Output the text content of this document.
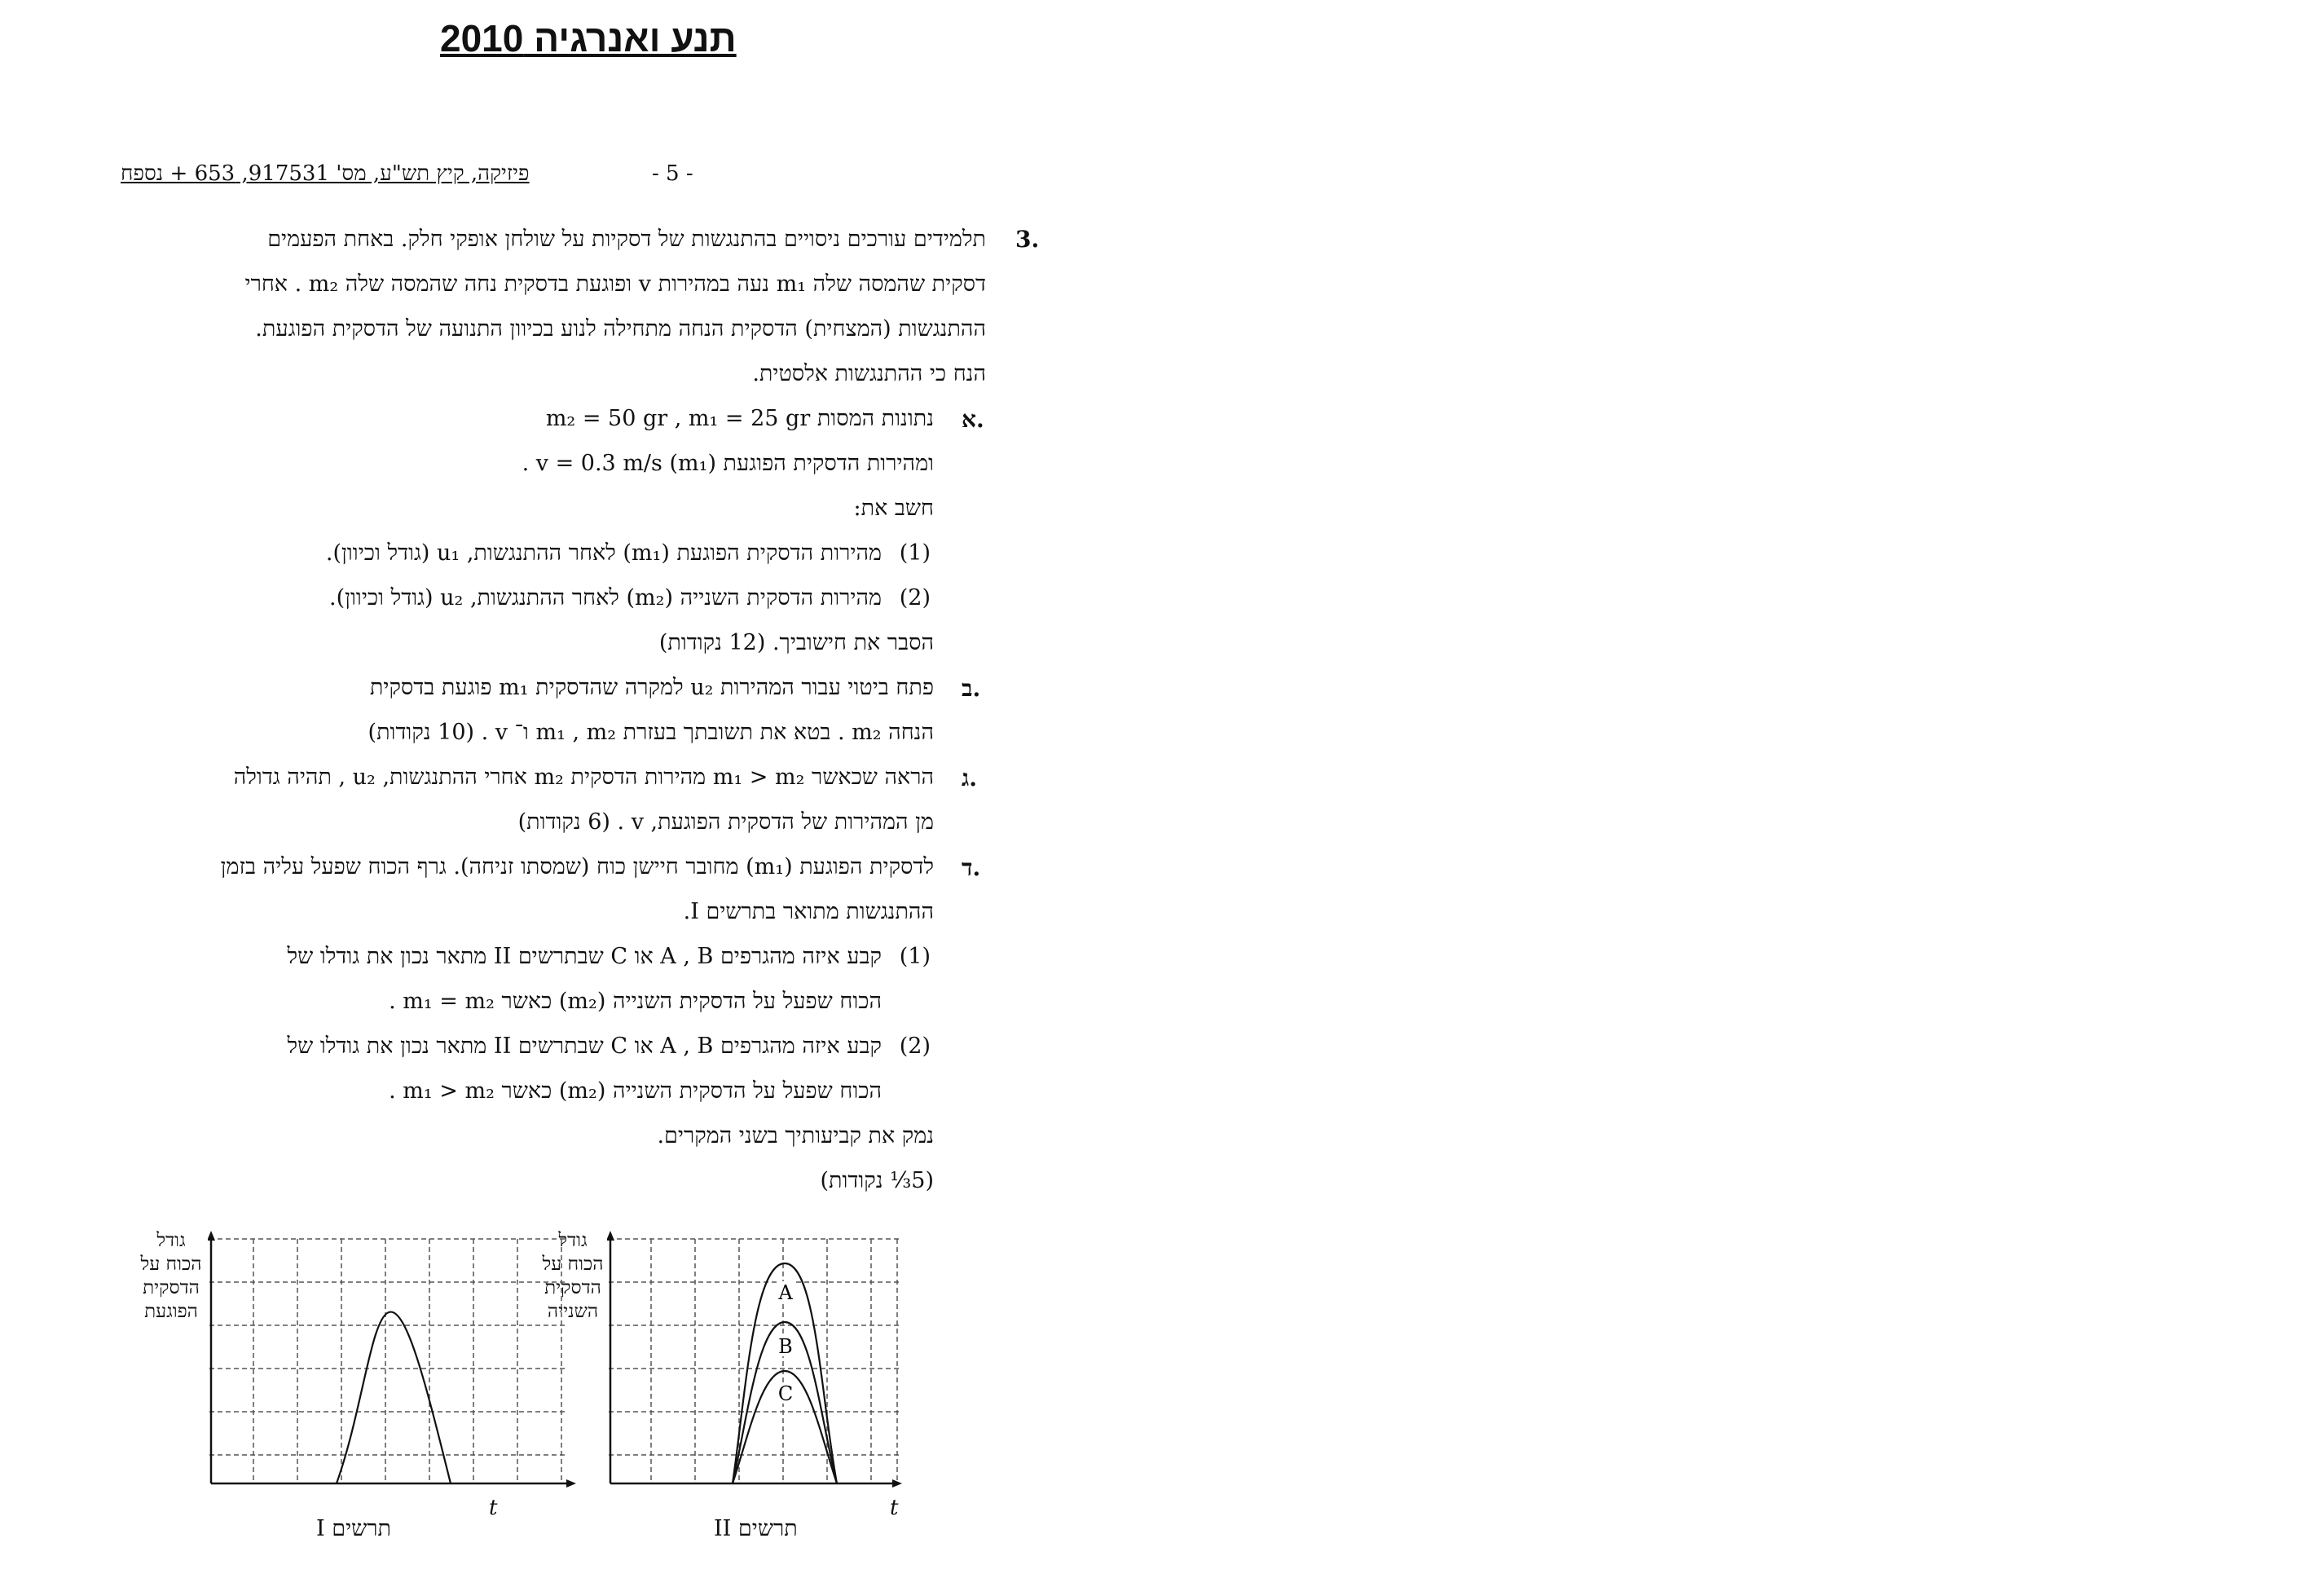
תנע ואנרגיה 2010
פיזיקה, קיץ תש"ע, מס' 917531, 653 + נספח	- 5 -
3.
תלמידים עורכים ניסויים בהתנגשות של דסקיות על שולחן אופקי חלק. באחת הפעמים
דסקית שהמסה שלה m₁ נעה במהירות v ופוגעת בדסקית נחה שהמסה שלה m₂ . אחרי
ההתנגשות (המצחית) הדסקית הנחה מתחילה לנוע בכיוון התנועה של הדסקית הפוגעת.
הנח כי ההתנגשות אלסטית.
א.
נתונות המסות m₂ = 50 gr , m₁ = 25 gr
ומהירות הדסקית הפוגעת (m₁) v = 0.3 m/s .
חשב את:
(1)
מהירות הדסקית הפוגעת (m₁) לאחר ההתנגשות, u₁ (גודל וכיוון).
(2)
מהירות הדסקית השנייה (m₂) לאחר ההתנגשות, u₂ (גודל וכיוון).
הסבר את חישוביך. (12 נקודות)
ב.
פתח ביטוי עבור המהירות u₂ למקרה שהדסקית m₁ פוגעת בדסקית
הנחה m₂ . בטא את תשובתך בעזרת m₁ , m₂ ו־ v . (10 נקודות)
ג.
הראה שכאשר m₁ > m₂ מהירות הדסקית m₂ אחרי ההתנגשות, u₂ , תהיה גדולה
מן המהירות של הדסקית הפוגעת, v . (6 נקודות)
ד.
לדסקית הפוגעת (m₁) מחובר חיישן כוח (שמסתו זניחה). גרף הכוח שפעל עליה בזמן
ההתנגשות מתואר בתרשים I.
(1)
קבע איזה מהגרפים A , B או C שבתרשים II מתאר נכון את גודלו של
הכוח שפעל על הדסקית השנייה (m₂) כאשר m₁ = m₂ .
(2)
קבע איזה מהגרפים A , B או C שבתרשים II מתאר נכון את גודלו של
הכוח שפעל על הדסקית השנייה (m₂) כאשר m₁ > m₂ .
נמק את קביעותיך בשני המקרים.
(5⅓ נקודות)
גודל
הכוח על
הדסקית
הפוגעת
t
תרשים I
גודל
הכוח על
הדסקית
השנייה
A
B
C
t
תרשים II
